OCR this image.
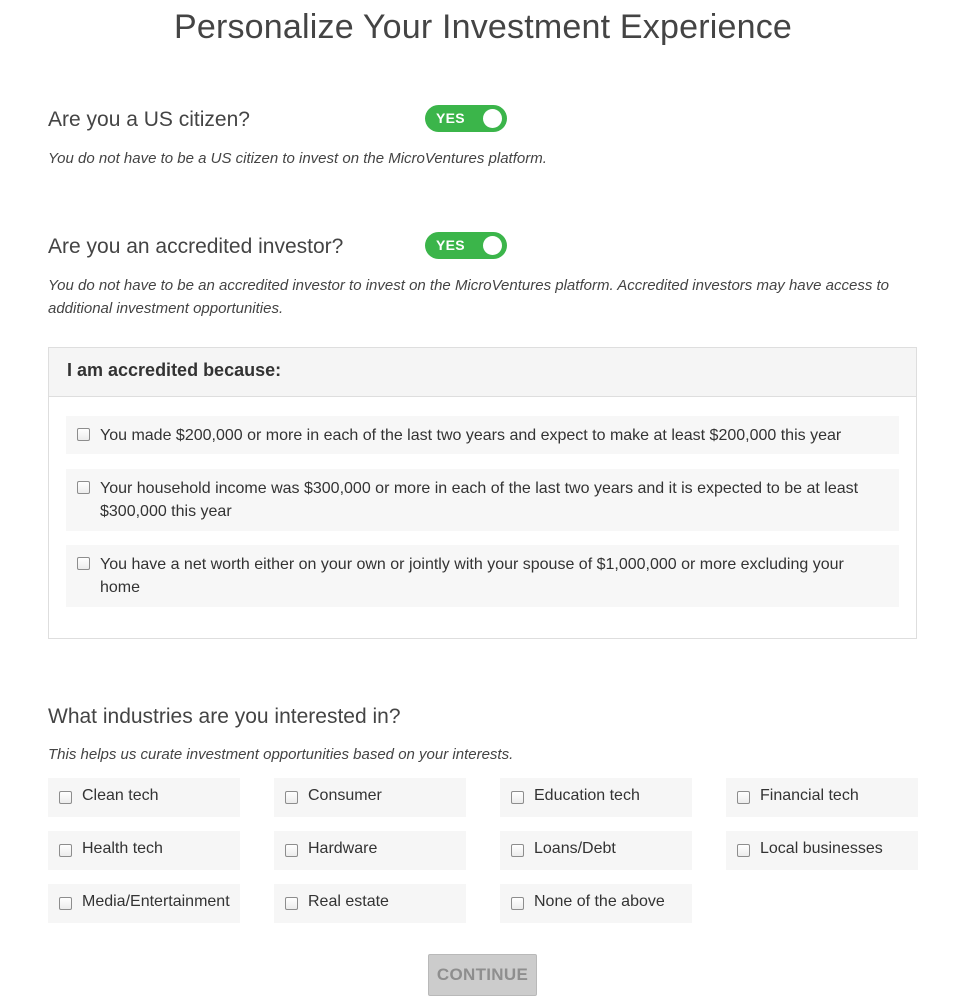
Personalize Your Investment Experience
Are you a US citizen?	YES

You do not have to be a US citizen to invest on the MicroVentures platform.

Are you an accredited investor?	YES

You do not have to be an accredited investor to invest on the MicroVentures platform. Accredited investors may have access to additional investment opportunities.

I am accredited because:
You made $200,000 or more in each of the last two years and expect to make at least $200,000 this year
Your household income was $300,000 or more in each of the last two years and it is expected to be at least $300,000 this year
You have a net worth either on your own or jointly with your spouse of $1,000,000 or more excluding your home
What industries are you interested in?

This helps us curate investment opportunities based on your interests.

Clean tech	Consumer	Education tech	Financial tech
Health tech	Hardware	Loans/Debt	Local businesses
Media/Entertainment	Real estate	None of the above
CONTINUE
